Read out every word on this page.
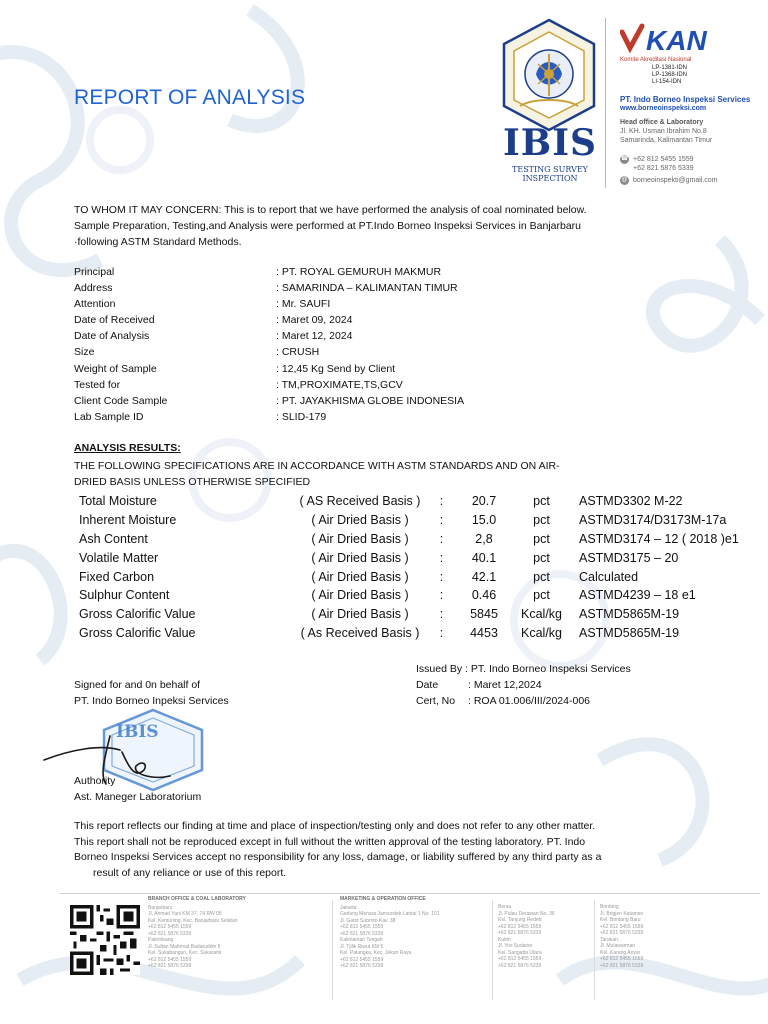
REPORT OF ANALYSIS
IBIS
TESTING SURVEY
INSPECTION
KAN
Komite Akreditasi Nasional
LP-1381-IDN
LP-1368-IDN
LI-154-IDN
PT. Indo Borneo Inspeksi Services
www.borneoinspeksi.com
Head office & Laboratory
Jl. KH. Usman Ibrahim No.8
Samarinda, Kalimantan Timur
☎ +62 812 5455 1559
+62 821 5876 5339
@ borneoinspekti@gmail.com

TO WHOM IT MAY CONCERN: This is to report that we have performed the analysis of coal nominated below.

Sample Preparation, Testing,and Analysis were performed at PT.Indo Borneo Inspeksi Services in Banjarbaru

·following ASTM Standard Methods.

Principal	: PT. ROYAL GEMURUH MAKMUR
Address	: SAMARINDA – KALIMANTAN TIMUR
Attention	: Mr. SAUFI
Date of Received	: Maret 09, 2024
Date of Analysis	: Maret 12, 2024
Size	: CRUSH
Weight of Sample	: 12,45 Kg Send by Client
Tested for	: TM,PROXIMATE,TS,GCV
Client Code Sample	: PT. JAYAKHISMA GLOBE INDONESIA
Lab Sample ID	: SLID-179
ANALYSIS RESULTS:
THE FOLLOWING SPECIFICATIONS ARE IN ACCORDANCE WITH ASTM STANDARDS AND ON AIR-
DRIED BASIS UNLESS OTHERWISE SPECIFIED
Total Moisture	( AS Received Basis )	:	20.7	pct	ASTMD3302 M-22
Inherent Moisture	( Air Dried Basis )	:	15.0	pct	ASTMD3174/D3173M-17a
Ash Content	( Air Dried Basis )	:	2,8	pct	ASTMD3174 – 12 ( 2018 )e1
Volatile Matter	( Air Dried Basis )	:	40.1	pct	ASTMD3175 – 20
Fixed Carbon	( Air Dried Basis )	:	42.1	pct	Calculated
Sulphur Content	( Air Dried Basis )	:	0.46	pct	ASTMD4239 – 18 e1
Gross Calorific Value	( Air Dried Basis )	:	5845	Kcal/kg	ASTMD5865M-19
Gross Calorific Value	( As Received Basis )	:	4453	Kcal/kg	ASTMD5865M-19
Issued By : PT. Indo Borneo Inspeksi Services
Date	: Maret 12,2024
Cert, No	: ROA 01.006/III/2024-006

Signed for and 0n behalf of

PT. Indo Borneo Inpeksi Services

IBIS

Authority

Ast. Maneger Laboratorium

This report reflects our finding at time and place of inspection/testing only and does not refer to any other matter.

This report shall not be reproduced except in full without the written approval of the testing laboratory. PT. Indo

Borneo Inspeksi Services accept no responsibility for any loss, damage, or liability suffered by any third party as a

result of any reliance or use of this report.

BRANCH OFFICE & COAL LABORATORY
Banjarbaru
Jl. Ahmad Yani KM 37, 74 RW 05
Kel. Kemuning, Kec. Banjarbaru Selatan
+62 812 5455 1559
+62 821 5876 5339
Palembang
Jl. Sultan Mahmud Badaruddin II
Kel. Sukabangun, Kec. Sukarami
+62 812 5455 1559
+62 821 5876 5339
MARKETING & OPERATION OFFICE
Jakarta
Gedung Menara Jamsostek Lantai 1 No. 101
Jl. Gatot Subroto Kav. 38
+62 812 5455 1559
+62 821 5876 5339
Kalimantan Tengah
Jl. Tjilik Riwut KM 5
Kel. Palangka, Kec. Jekan Raya
+62 812 5455 1559
+62 821 5876 5339
Berau
Jl. Pulau Derawan No. 36
Kel. Tanjung Redeb
+62 812 5455 1559
+62 821 5876 5339
Kutim
Jl. Yos Sudarso
Kel. Sangatta Utara
+62 812 5455 1559
+62 821 5876 5339
Bontang
Jl. Brigjen Katamso
Kel. Bontang Baru
+62 812 5455 1559
+62 821 5876 5339
Tarakan
Jl. Mulawarman
Kel. Karang Anyar
+62 812 5455 1559
+62 821 5876 5339
